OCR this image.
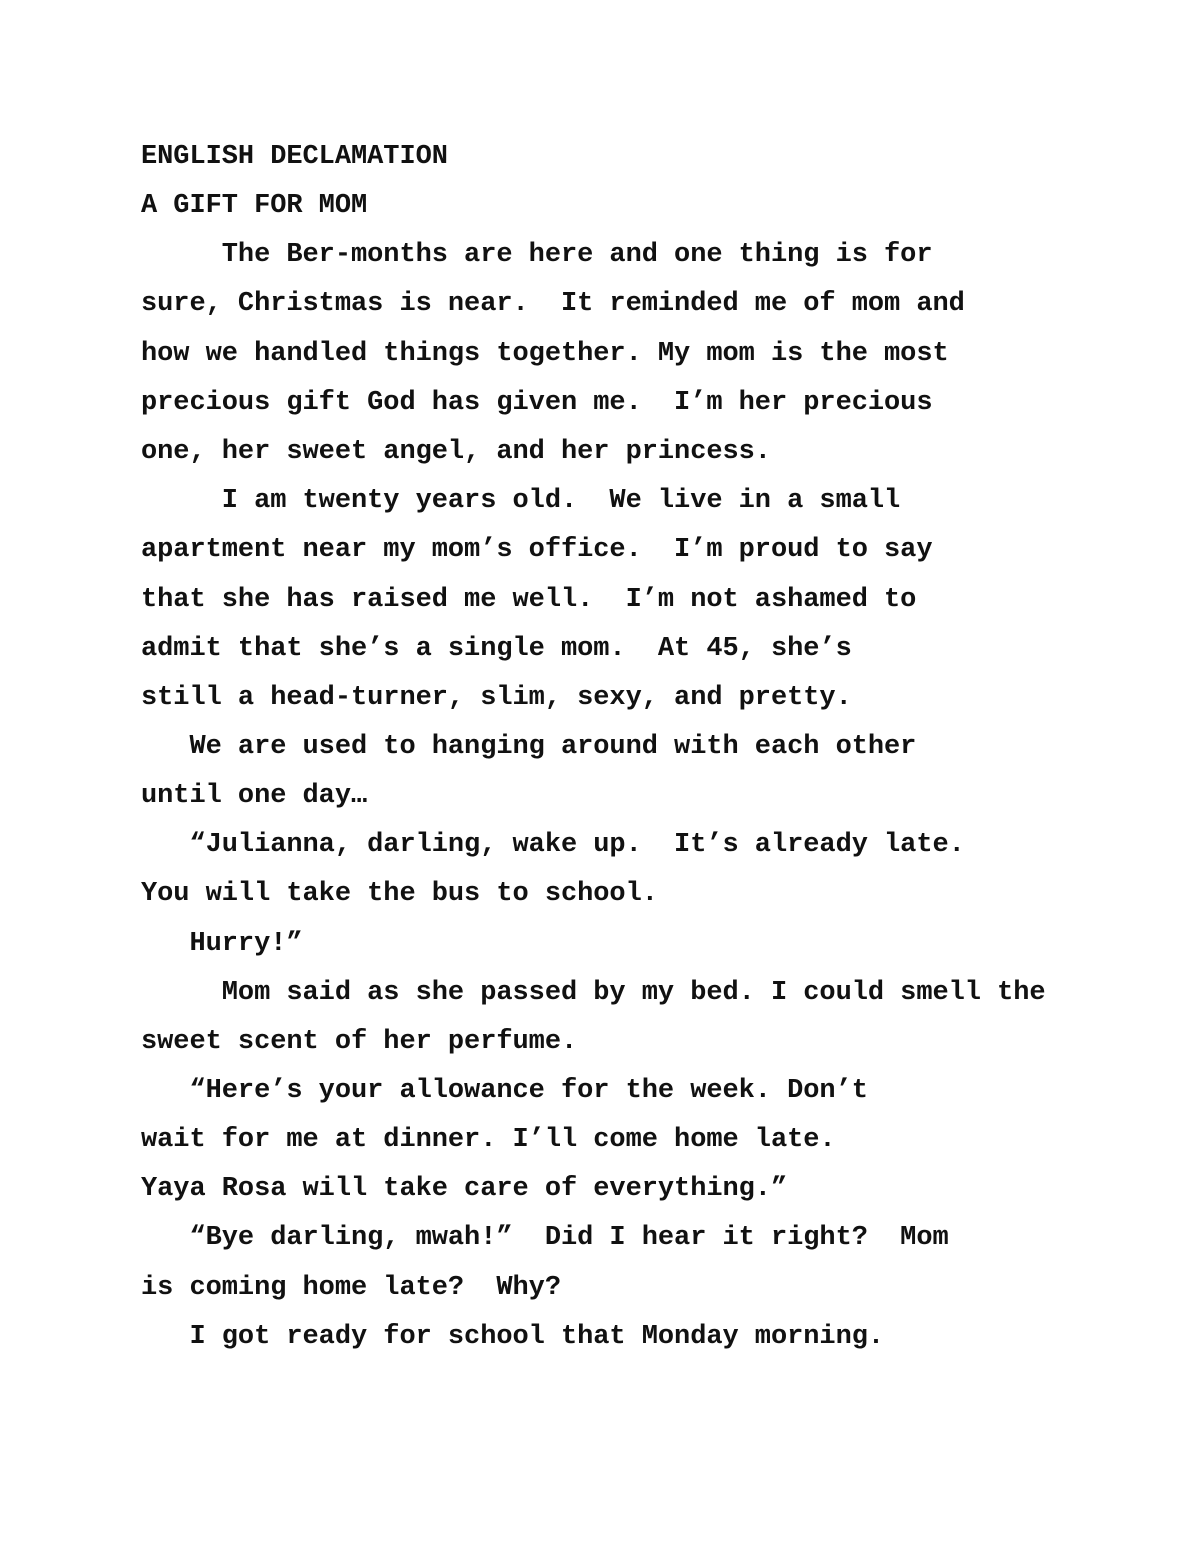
ENGLISH DECLAMATION
A GIFT FOR MOM
The Ber-months are here and one thing is for
sure, Christmas is near.  It reminded me of mom and
how we handled things together. My mom is the most
precious gift God has given me.  I’m her precious
one, her sweet angel, and her princess.
I am twenty years old.  We live in a small
apartment near my mom’s office.  I’m proud to say
that she has raised me well.  I’m not ashamed to
admit that she’s a single mom.  At 45, she’s
still a head-turner, slim, sexy, and pretty.
We are used to hanging around with each other
until one day…
“Julianna, darling, wake up.  It’s already late.
You will take the bus to school.
Hurry!”
Mom said as she passed by my bed. I could smell the
sweet scent of her perfume.
“Here’s your allowance for the week. Don’t
wait for me at dinner. I’ll come home late.
Yaya Rosa will take care of everything.”
“Bye darling, mwah!”  Did I hear it right?  Mom
is coming home late?  Why?
I got ready for school that Monday morning.
